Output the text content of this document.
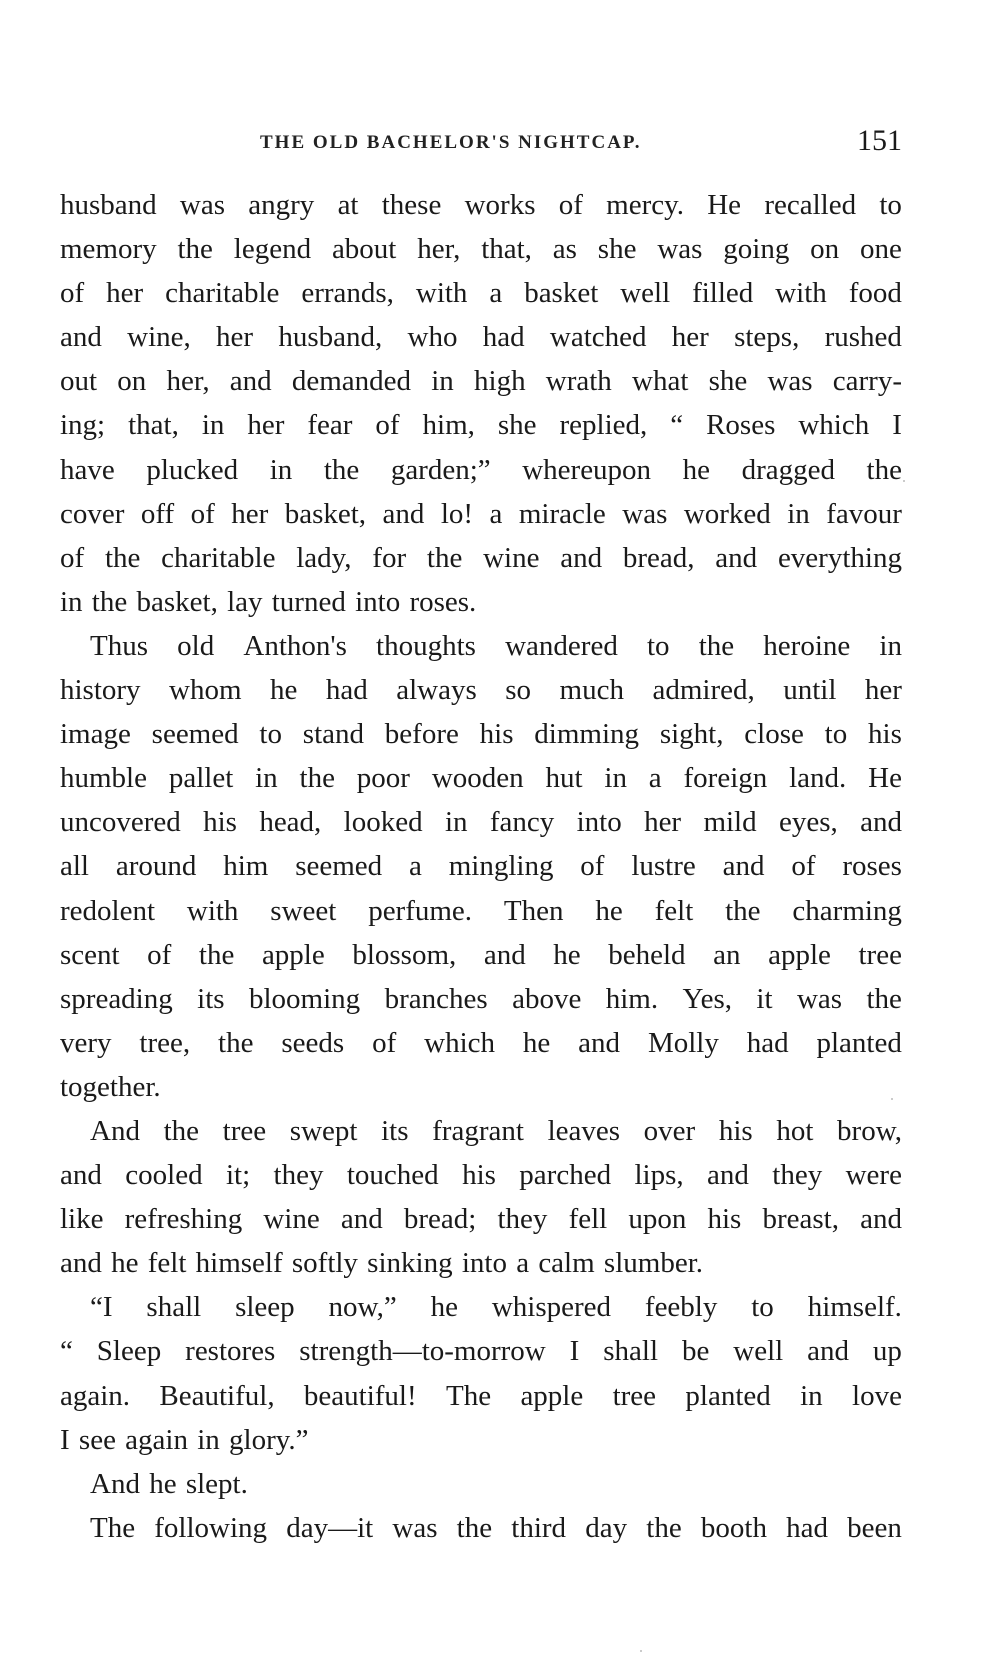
THE OLD BACHELOR'S NIGHTCAP.	151
husband was angry at these works of mercy. He recalled to
memory the legend about her, that, as she was going on one
of her charitable errands, with a basket well filled with food
and wine, her husband, who had watched her steps, rushed
out on her, and demanded in high wrath what she was carry-
ing; that, in her fear of him, she replied, “ Roses which I
have plucked in the garden;” whereupon he dragged the
cover off of her basket, and lo! a miracle was worked in favour
of the charitable lady, for the wine and bread, and everything
in the basket, lay turned into roses.
Thus old Anthon's thoughts wandered to the heroine in
history whom he had always so much admired, until her
image seemed to stand before his dimming sight, close to his
humble pallet in the poor wooden hut in a foreign land. He
uncovered his head, looked in fancy into her mild eyes, and
all around him seemed a mingling of lustre and of roses
redolent with sweet perfume. Then he felt the charming
scent of the apple blossom, and he beheld an apple tree
spreading its blooming branches above him. Yes, it was the
very tree, the seeds of which he and Molly had planted
together.
And the tree swept its fragrant leaves over his hot brow,
and cooled it; they touched his parched lips, and they were
like refreshing wine and bread; they fell upon his breast, and
and he felt himself softly sinking into a calm slumber.
“I shall sleep now,” he whispered feebly to himself.
“ Sleep restores strength—to-morrow I shall be well and up
again. Beautiful, beautiful! The apple tree planted in love
I see again in glory.”
And he slept.
The following day—it was the third day the booth had been
